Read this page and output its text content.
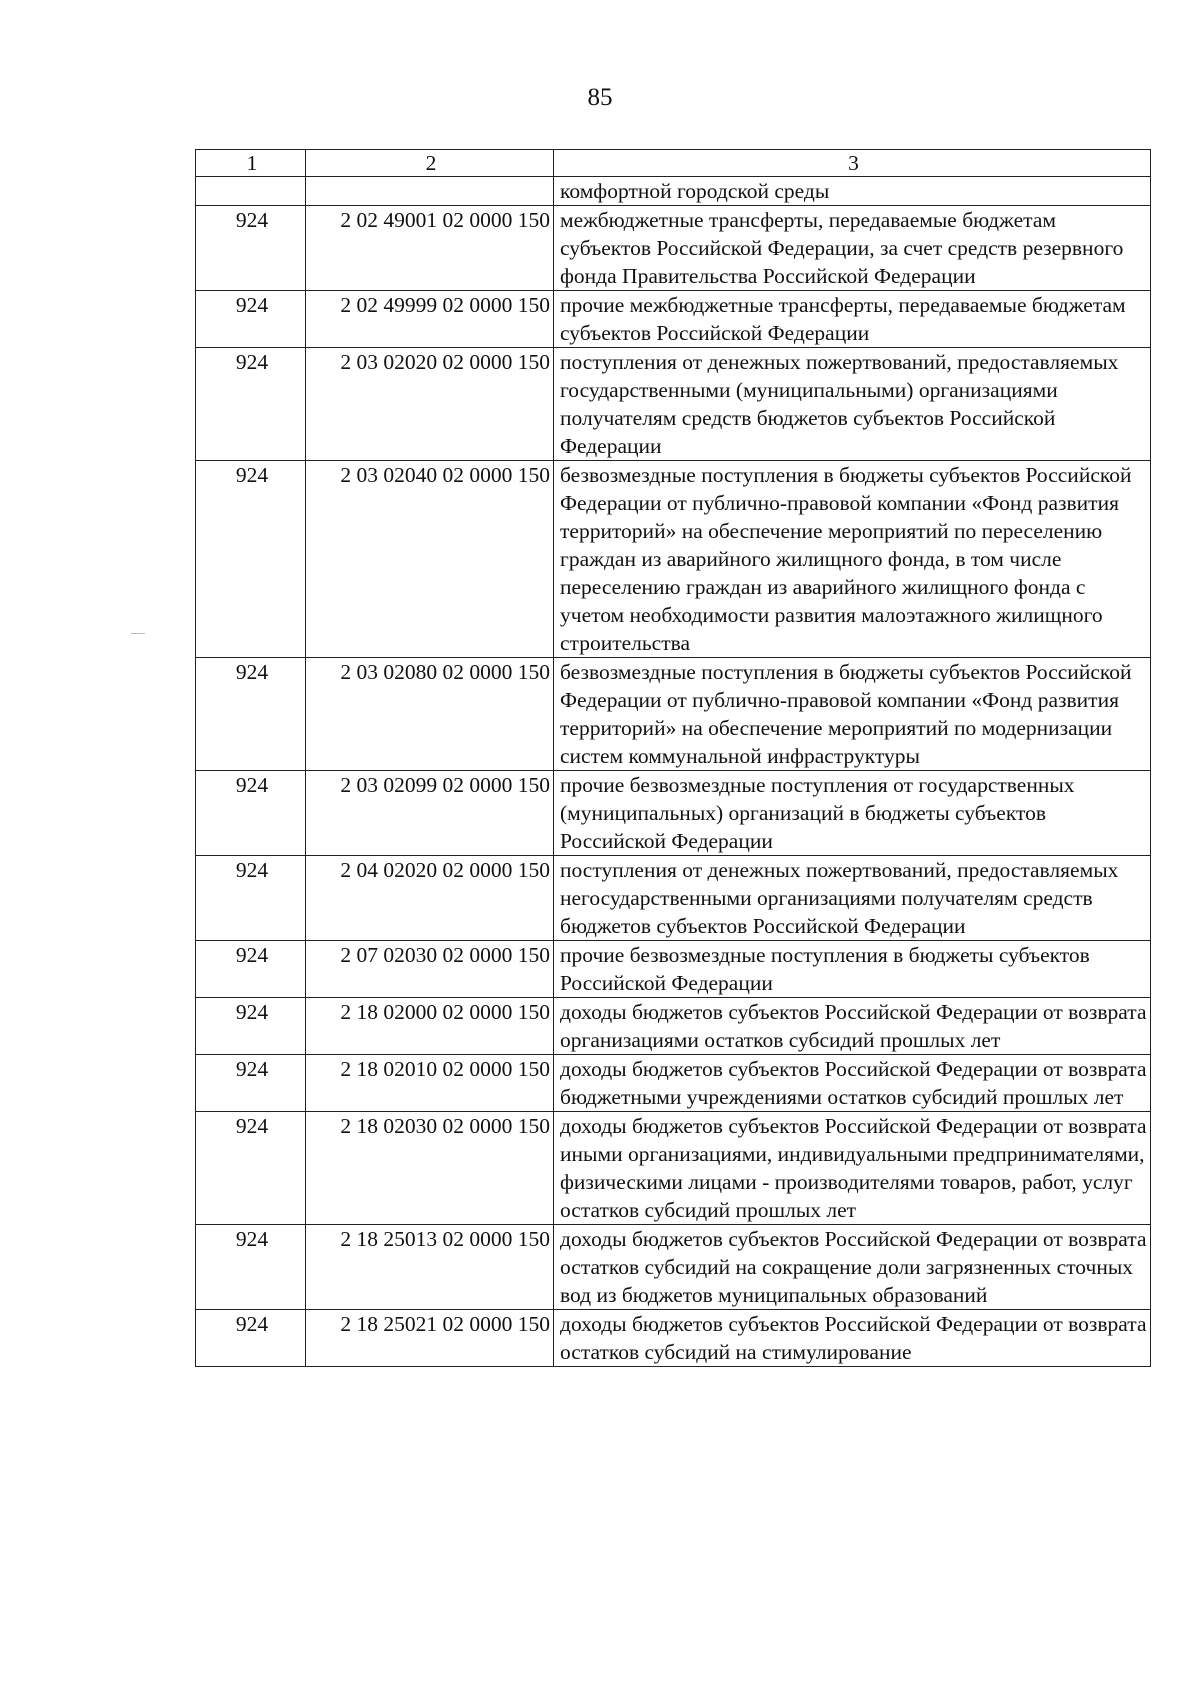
85
1	2	3
		комфортной городской среды
924	2 02 49001 02 0000 150	межбюджетные трансферты, передаваемые бюджетам субъектов Российской Федерации, за счет средств резервного фонда Правительства Российской Федерации
924	2 02 49999 02 0000 150	прочие межбюджетные трансферты, передаваемые бюджетам субъектов Российской Федерации
924	2 03 02020 02 0000 150	поступления от денежных пожертвований, предоставляемых государственными (муниципальными) организациями получателям средств бюджетов субъектов Российской Федерации
924	2 03 02040 02 0000 150	безвозмездные поступления в бюджеты субъектов Российской Федерации от публично-правовой компании «Фонд развития территорий» на обеспечение мероприятий по переселению граждан из аварийного жилищного фонда, в том числе переселению граждан из аварийного жилищного фонда с учетом необходимости развития малоэтажного жилищного строительства
924	2 03 02080 02 0000 150	безвозмездные поступления в бюджеты субъектов Российской Федерации от публично-правовой компании «Фонд развития территорий» на обеспечение мероприятий по модернизации систем коммунальной инфраструктуры
924	2 03 02099 02 0000 150	прочие безвозмездные поступления от государственных (муниципальных) организаций в бюджеты субъектов Российской Федерации
924	2 04 02020 02 0000 150	поступления от денежных пожертвований, предоставляемых негосударственными организациями получателям средств бюджетов субъектов Российской Федерации
924	2 07 02030 02 0000 150	прочие безвозмездные поступления в бюджеты субъектов Российской Федерации
924	2 18 02000 02 0000 150	доходы бюджетов субъектов Российской Федерации от возврата организациями остатков субсидий прошлых лет
924	2 18 02010 02 0000 150	доходы бюджетов субъектов Российской Федерации от возврата бюджетными учреждениями остатков субсидий прошлых лет
924	2 18 02030 02 0000 150	доходы бюджетов субъектов Российской Федерации от возврата иными организациями, индивидуальными предпринимателями, физическими лицами - производителями товаров, работ, услуг остатков субсидий прошлых лет
924	2 18 25013 02 0000 150	доходы бюджетов субъектов Российской Федерации от возврата остатков субсидий на сокращение доли загрязненных сточных вод из бюджетов муниципальных образований
924	2 18 25021 02 0000 150	доходы бюджетов субъектов Российской Федерации от возврата остатков субсидий на стимулирование
